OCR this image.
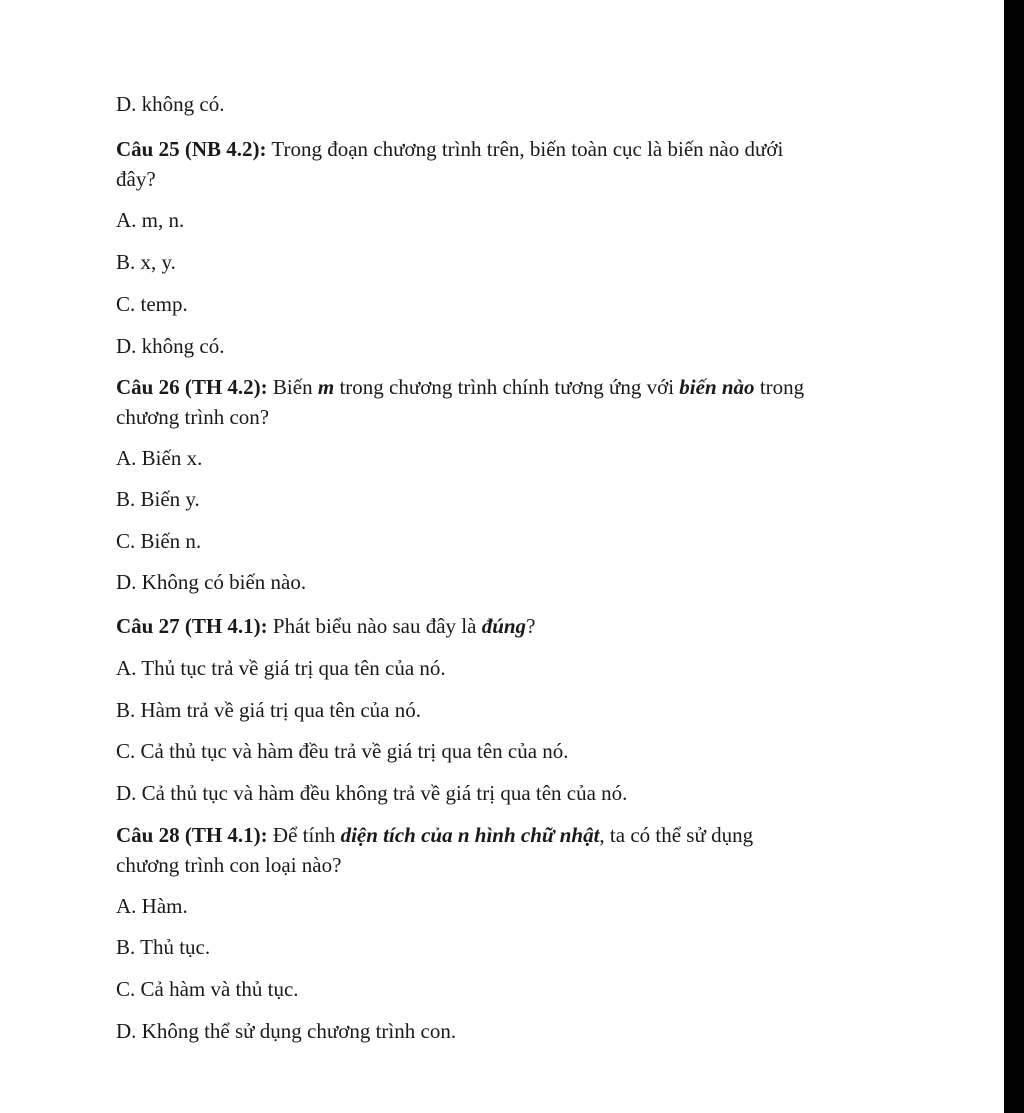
D. không có.
Câu 25 (NB 4.2): Trong đoạn chương trình trên, biến toàn cục là biến nào dưới
đây?
A. m, n.
B. x, y.
C. temp.
D. không có.
Câu 26 (TH 4.2): Biến m trong chương trình chính tương ứng với biến nào trong
chương trình con?
A. Biến x.
B. Biến y.
C. Biến n.
D. Không có biến nào.
Câu 27 (TH 4.1): Phát biểu nào sau đây là đúng?
A. Thủ tục trả về giá trị qua tên của nó.
B. Hàm trả về giá trị qua tên của nó.
C. Cả thủ tục và hàm đều trả về giá trị qua tên của nó.
D. Cả thủ tục và hàm đều không trả về giá trị qua tên của nó.
Câu 28 (TH 4.1): Để tính diện tích của n hình chữ nhật, ta có thể sử dụng
chương trình con loại nào?
A. Hàm.
B. Thủ tục.
C. Cả hàm và thủ tục.
D. Không thể sử dụng chương trình con.
